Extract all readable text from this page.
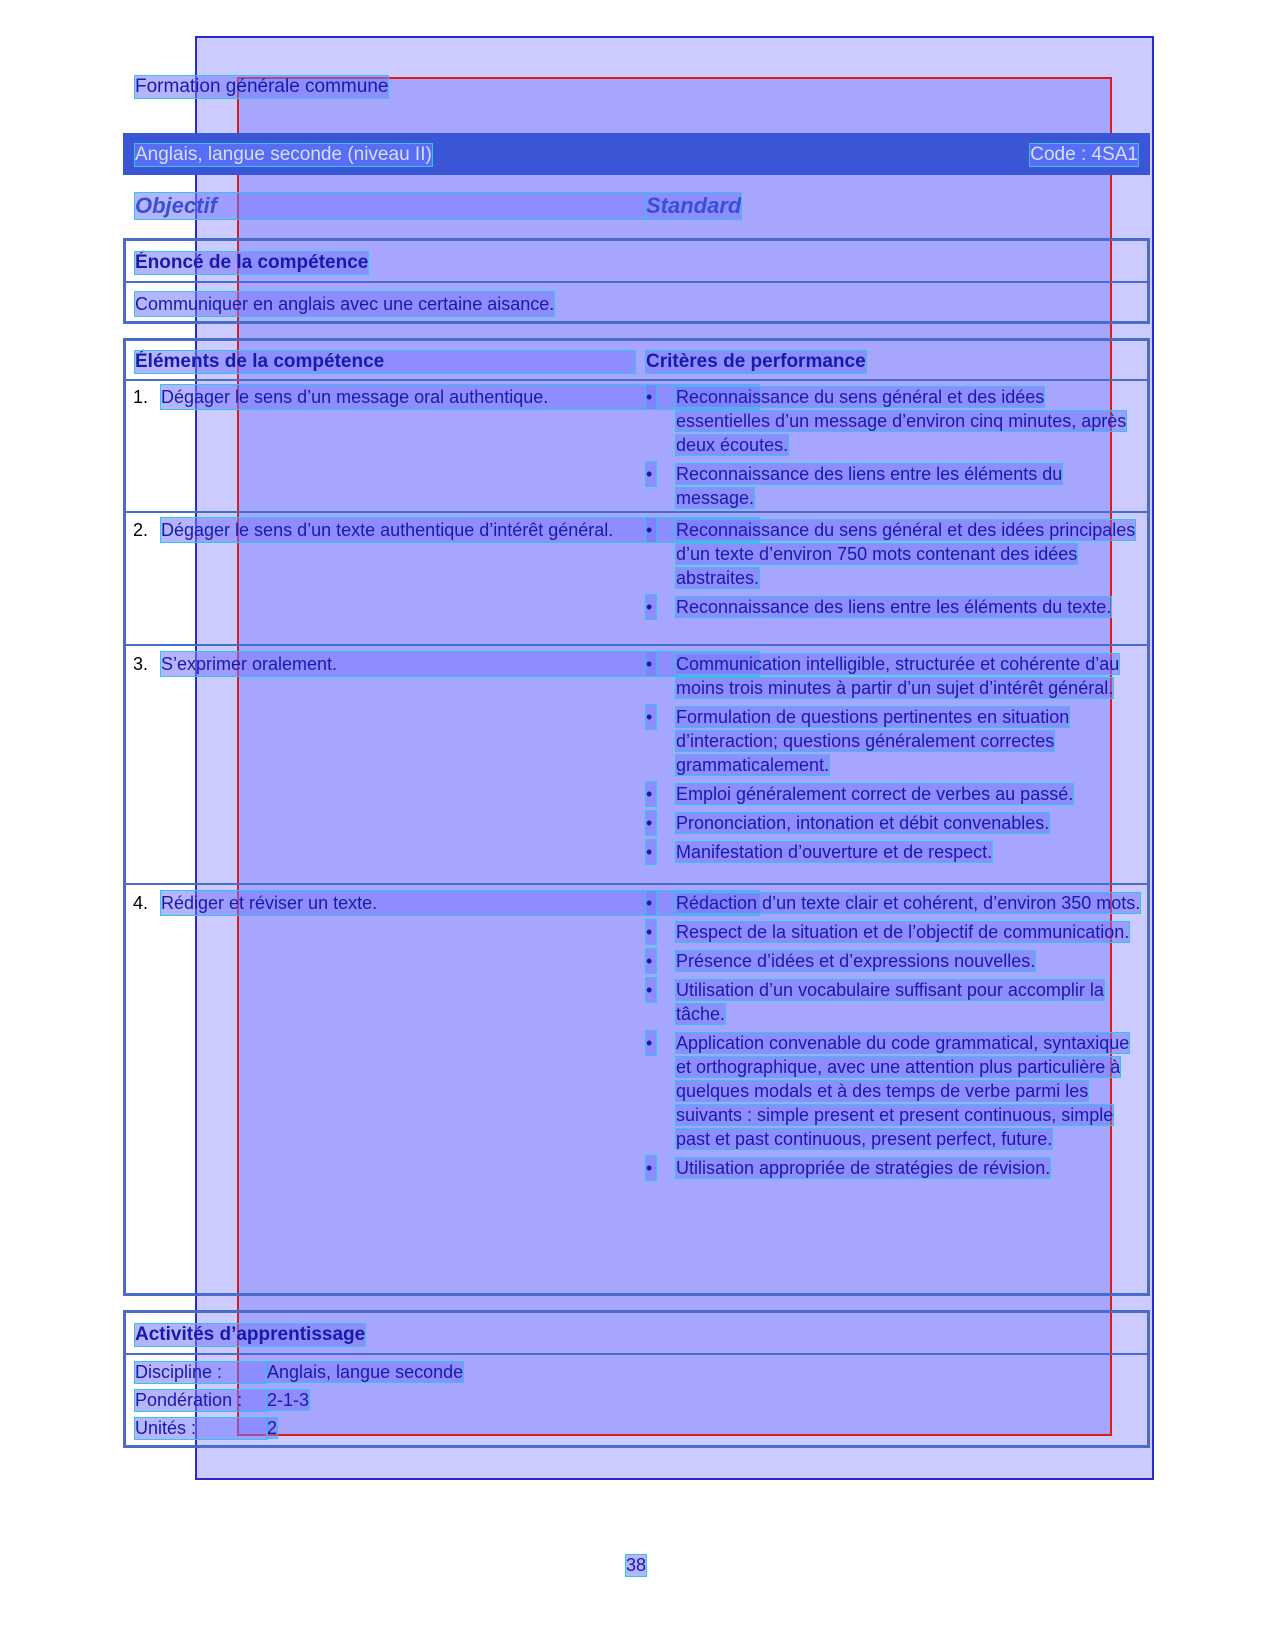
Formation générale commune
Anglais, langue seconde (niveau II)	Code : 4SA1
Objectif	Standard
Énoncé de la compétence
Communiquer en anglais avec une certaine aisance.
Éléments de la compétence	Critères de performance
1. Dégager le sens d’un message oral authentique.	• Reconnaissance du sens général et des idées essentielles d’un message d’environ cinq minutes, après deux écoutes.
• Reconnaissance des liens entre les éléments du message.
2. Dégager le sens d’un texte authentique d’intérêt général.	• Reconnaissance du sens général et des idées principales d’un texte d’environ 750 mots contenant des idées abstraites.
• Reconnaissance des liens entre les éléments du texte.
3. S’exprimer oralement.	• Communication intelligible, structurée et cohérente d’au moins trois minutes à partir d’un sujet d’intérêt général.
• Formulation de questions pertinentes en situation d’interaction; questions généralement correctes grammaticalement.
• Emploi généralement correct de verbes au passé.
• Prononciation, intonation et débit convenables.
• Manifestation d’ouverture et de respect.
4. Rédiger et réviser un texte.	• Rédaction d’un texte clair et cohérent, d’environ 350 mots.
• Respect de la situation et de l’objectif de communication.
• Présence d’idées et d’expressions nouvelles.
• Utilisation d’un vocabulaire suffisant pour accomplir la tâche.
• Application convenable du code grammatical, syntaxique et orthographique, avec une attention plus particulière à quelques modals et à des temps de verbe parmi les suivants : simple present et present continuous, simple past et past continuous, present perfect, future.
• Utilisation appropriée de stratégies de révision.
Activités d’apprentissage
Discipline : Anglais, langue seconde
Pondération : 2-1-3
Unités :	2
38
